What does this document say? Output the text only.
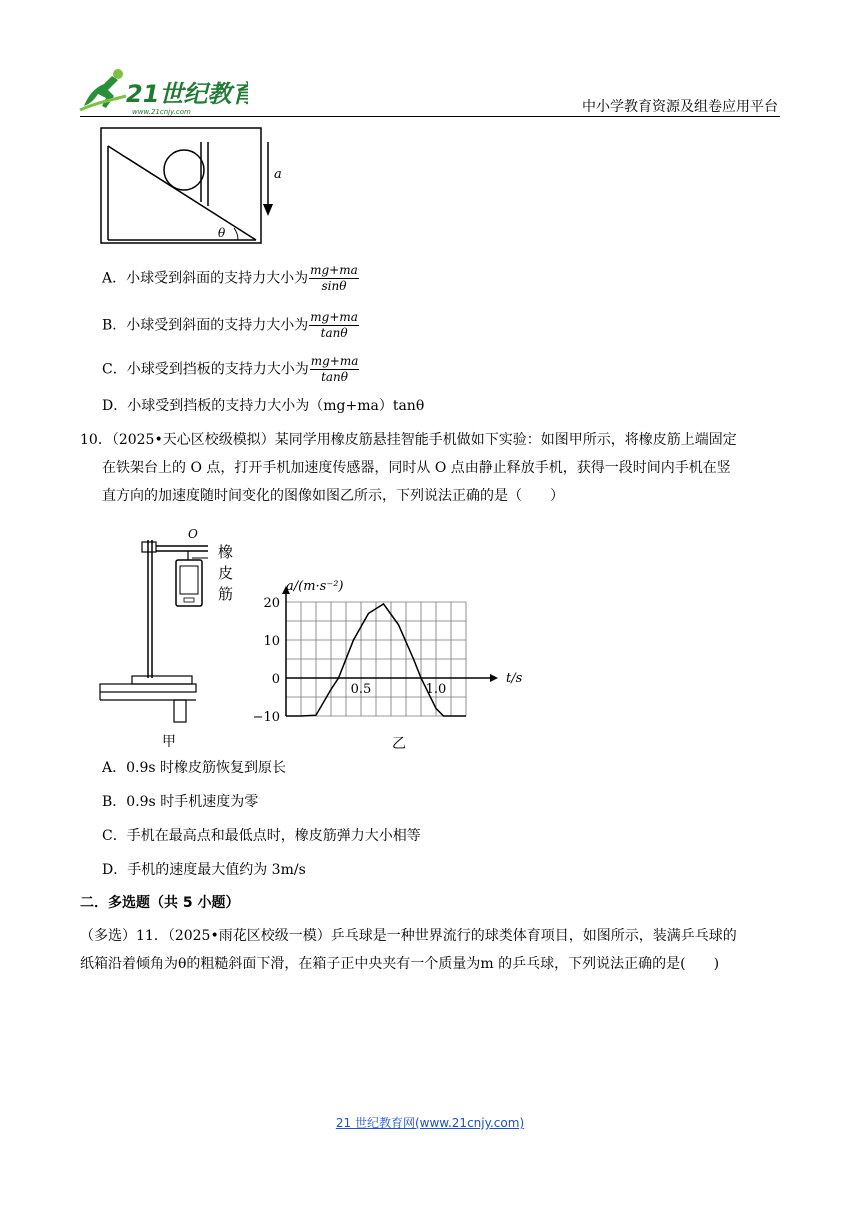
21世纪教育
www.21cnjy.com	中小学教育资源及组卷应用平台
θ
a
A．小球受到斜面的支持力大小为 $\frac{mg+ma}{\sin\theta}$
B．小球受到斜面的支持力大小为 $\frac{mg+ma}{\tan\theta}$
C．小球受到挡板的支持力大小为 $\frac{mg+ma}{\tan\theta}$
D．小球受到挡板的支持力大小为（mg+ma）tanθ
10．（2025•天心区校级模拟）某同学用橡皮筋悬挂智能手机做如下实验：如图甲所示，将橡皮筋上端固定
在铁架台上的 O 点，打开手机加速度传感器，同时从 O 点由静止释放手机，获得一段时间内手机在竖
直方向的加速度随时间变化的图像如图乙所示，下列说法正确的是（　　）
O
甲
橡
皮
筋
20
10
0
−10
0.5	1.0
a/(m·s⁻²)
t/s
乙
A．0.9s 时橡皮筋恢复到原长
B．0.9s 时手机速度为零
C．手机在最高点和最低点时，橡皮筋弹力大小相等
D．手机的速度最大值约为 3m/s
二．多选题（共 5 小题）
（多选）11．（2025•雨花区校级一模）乒乓球是一种世界流行的球类体育项目，如图所示，装满乒乓球的
纸箱沿着倾角为θ的粗糙斜面下滑，在箱子正中央夹有一个质量为m 的乒乓球，下列说法正确的是(　　)
21 世纪教育网(www.21cnjy.com)
